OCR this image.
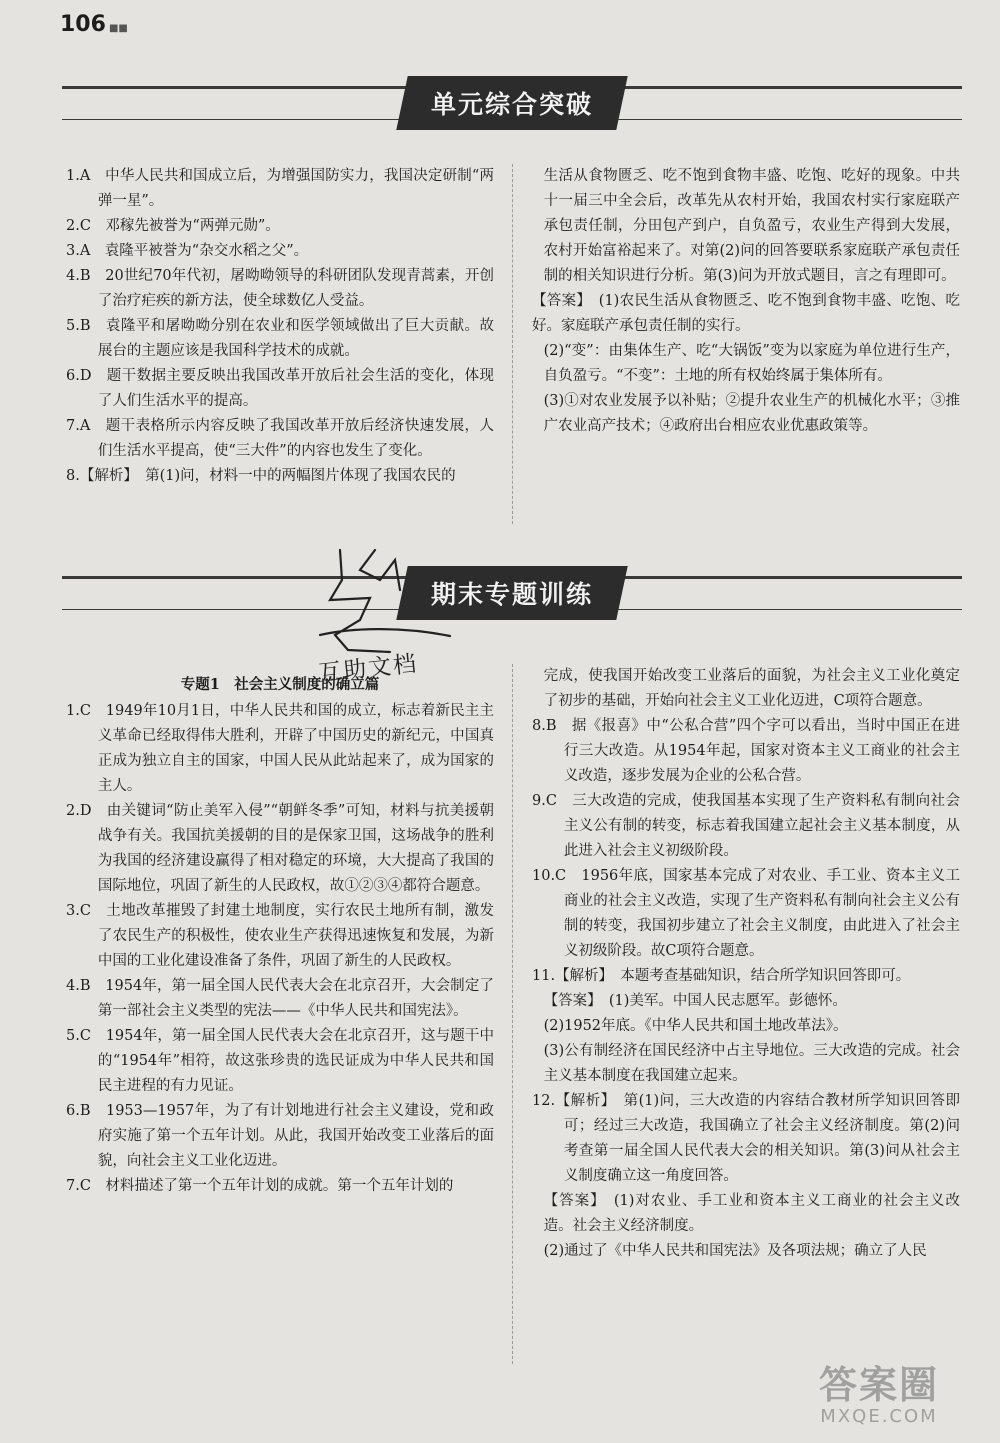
106 ■■
单元综合突破

1.A　中华人民共和国成立后，为增强国防实力，我国决定研制“两弹一星”。

2.C　邓稼先被誉为“两弹元勋”。

3.A　袁隆平被誉为“杂交水稻之父”。

4.B　20世纪70年代初，屠呦呦领导的科研团队发现青蒿素，开创了治疗疟疾的新方法，使全球数亿人受益。

5.B　袁隆平和屠呦呦分别在农业和医学领域做出了巨大贡献。故展台的主题应该是我国科学技术的成就。

6.D　题干数据主要反映出我国改革开放后社会生活的变化，体现了人们生活水平的提高。

7.A　题干表格所示内容反映了我国改革开放后经济快速发展，人们生活水平提高，使“三大件”的内容也发生了变化。

8.【解析】　第(1)问，材料一中的两幅图片体现了我国农民的

生活从食物匮乏、吃不饱到食物丰盛、吃饱、吃好的现象。中共十一届三中全会后，改革先从农村开始，我国农村实行家庭联产承包责任制，分田包产到户，自负盈亏，农业生产得到大发展，农村开始富裕起来了。对第(2)问的回答要联系家庭联产承包责任制的相关知识进行分析。第(3)问为开放式题目，言之有理即可。

【答案】　(1)农民生活从食物匮乏、吃不饱到食物丰盛、吃饱、吃好。家庭联产承包责任制的实行。

(2)“变”：由集体生产、吃“大锅饭”变为以家庭为单位进行生产，自负盈亏。“不变”：土地的所有权始终属于集体所有。

(3)①对农业发展予以补贴；②提升农业生产的机械化水平；③推广农业高产技术；④政府出台相应农业优惠政策等。

期末专题训练
互助文档

专题1　社会主义制度的确立篇

1.C　1949年10月1日，中华人民共和国的成立，标志着新民主主义革命已经取得伟大胜利，开辟了中国历史的新纪元，中国真正成为独立自主的国家，中国人民从此站起来了，成为国家的主人。

2.D　由关键词“防止美军入侵”“朝鲜冬季”可知，材料与抗美援朝战争有关。我国抗美援朝的目的是保家卫国，这场战争的胜利为我国的经济建设赢得了相对稳定的环境，大大提高了我国的国际地位，巩固了新生的人民政权，故①②③④都符合题意。

3.C　土地改革摧毁了封建土地制度，实行农民土地所有制，激发了农民生产的积极性，使农业生产获得迅速恢复和发展，为新中国的工业化建设准备了条件，巩固了新生的人民政权。

4.B　1954年，第一届全国人民代表大会在北京召开，大会制定了第一部社会主义类型的宪法——《中华人民共和国宪法》。

5.C　1954年，第一届全国人民代表大会在北京召开，这与题干中的“1954年”相符，故这张珍贵的选民证成为中华人民共和国民主进程的有力见证。

6.B　1953—1957年，为了有计划地进行社会主义建设，党和政府实施了第一个五年计划。从此，我国开始改变工业落后的面貌，向社会主义工业化迈进。

7.C　材料描述了第一个五年计划的成就。第一个五年计划的

完成，使我国开始改变工业落后的面貌，为社会主义工业化奠定了初步的基础，开始向社会主义工业化迈进，C项符合题意。

8.B　据《报喜》中“公私合营”四个字可以看出，当时中国正在进行三大改造。从1954年起，国家对资本主义工商业的社会主义改造，逐步发展为企业的公私合营。

9.C　三大改造的完成，使我国基本实现了生产资料私有制向社会主义公有制的转变，标志着我国建立起社会主义基本制度，从此进入社会主义初级阶段。

10.C　1956年底，国家基本完成了对农业、手工业、资本主义工商业的社会主义改造，实现了生产资料私有制向社会主义公有制的转变，我国初步建立了社会主义制度，由此进入了社会主义初级阶段。故C项符合题意。

11.【解析】　本题考查基础知识，结合所学知识回答即可。

【答案】　(1)美军。中国人民志愿军。彭德怀。

(2)1952年底。《中华人民共和国土地改革法》。

(3)公有制经济在国民经济中占主导地位。三大改造的完成。社会主义基本制度在我国建立起来。

12.【解析】　第(1)问，三大改造的内容结合教材所学知识回答即可；经过三大改造，我国确立了社会主义经济制度。第(2)问考查第一届全国人民代表大会的相关知识。第(3)问从社会主义制度确立这一角度回答。

【答案】　(1)对农业、手工业和资本主义工商业的社会主义改造。社会主义经济制度。

(2)通过了《中华人民共和国宪法》及各项法规；确立了人民

答案圈
MXQE.COM
